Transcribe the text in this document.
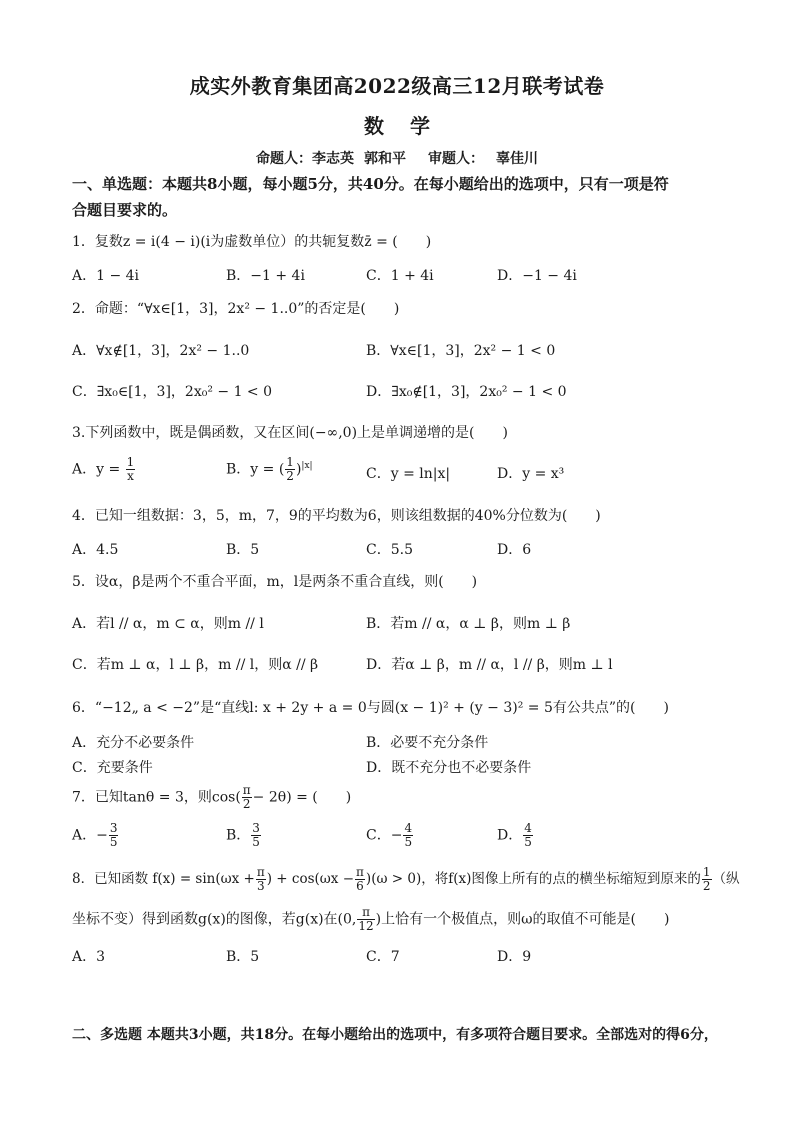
成实外教育集团高2022级高三12月联考试卷
数学
命题人：李志英 郭和平 审题人： 辜佳川
一、单选题：本题共8小题，每小题5分，共40分。在每小题给出的选项中，只有一项是符
合题目要求的。
1．复数z = i(4 − i)(i为虚数单位）的共轭复数z̄ = (　　)
A．1 − 4i	B．−1 + 4i	C．1 + 4i	D．−1 − 4i
2．命题：“∀x∈[1，3]，2x² − 1..0”的否定是(　　)
A．∀x∉[1，3]，2x² − 1..0	B．∀x∈[1，3]，2x² − 1 < 0
C．∃x₀∈[1，3]，2x₀² − 1 < 0	D．∃x₀∉[1，3]，2x₀² − 1 < 0
3.下列函数中，既是偶函数，又在区间(−∞,0)上是单调递增的是(　　)
A．$y = \frac{1}{x}$	B．y = ( $\frac{1}{2} )^{|x|}$
C．y = ln|x|	D．y = x³
4．已知一组数据：3，5，m，7，9的平均数为6，则该组数据的40%分位数为(　　)
A．4.5	B．5	C．5.5	D．6
5．设α，β是两个不重合平面，m，l是两条不重合直线，则(　　)
A．若l // α，m ⊂ α，则m // l	B．若m // α，α ⊥ β，则m ⊥ β
C．若m ⊥ α，l ⊥ β，m // l，则α // β	D．若α ⊥ β，m // α，l // β，则m ⊥ l
6．“−12„ a < −2”是“直线l: x + 2y + a = 0与圆(x − 1)² + (y − 3)² = 5有公共点”的(　　)
A．充分不必要条件	B．必要不充分条件
C．充要条件	D．既不充分也不必要条件
7．已知tanθ = 3，则$\cos( \frac{\pi}{2} - 2\theta)$ = (　　)
A．− $\frac{3}{5}$	B． $\frac{3}{5}$	C．− $\frac{4}{5}$	D． $\frac{4}{5}$
8．已知函数 $f(x) = \sin(\omega x + \frac{\pi}{3}$ ) + $\cos(\omega x - \frac{\pi}{6} )(\omega > 0)$，将f(x)图像上所有的点的横坐标缩短到原来的 $\frac{1}{2}$ （纵
坐标不变）得到函数g(x)的图像，若g(x)在(0, $\frac{\pi}{12}$ )上恰有一个极值点，则ω的取值不可能是(　　)
A．3	B．5	C．7	D．9
二、多选题 本题共3小题，共18分。在每小题给出的选项中，有多项符合题目要求。全部选对的得6分，
